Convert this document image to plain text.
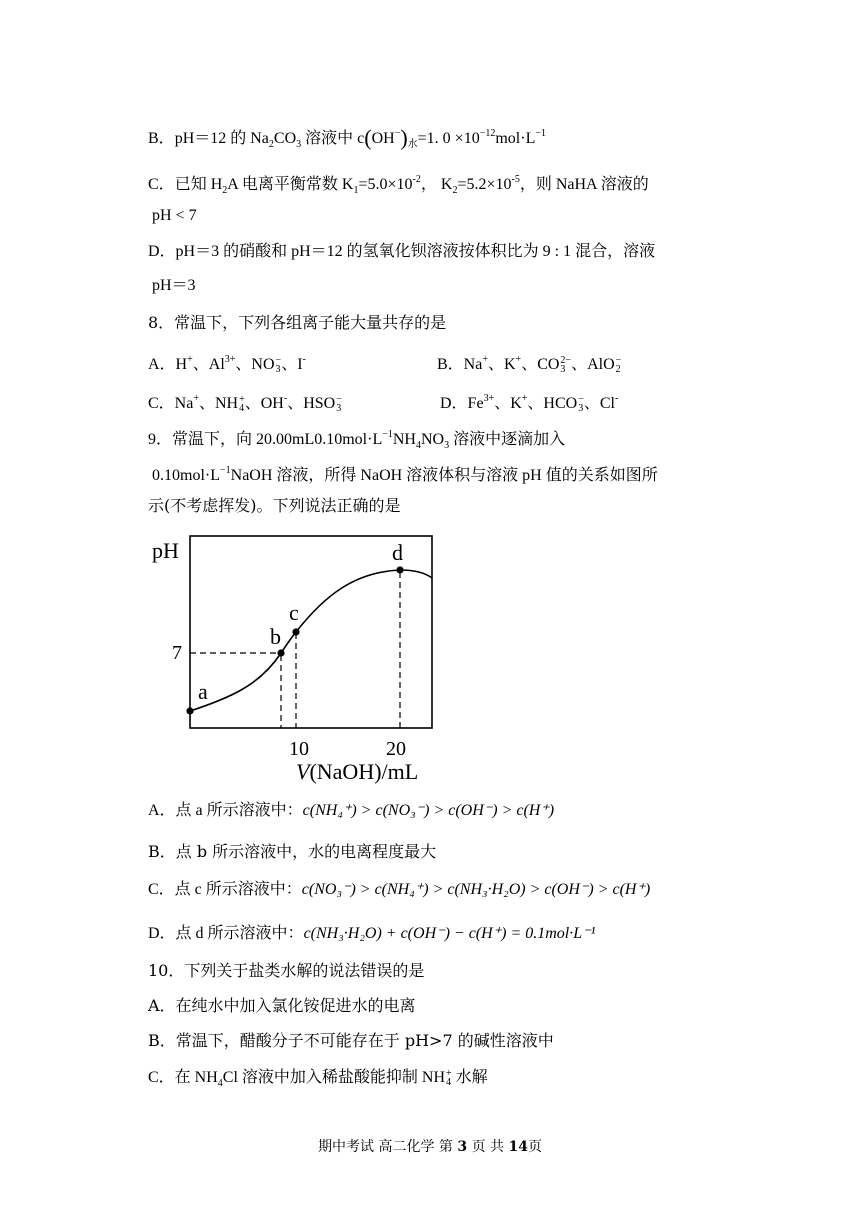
B．pH＝12 的 $Na_2CO_3$ 溶液中 $c(OH^-)_水=1$. $0 \times 10^{-12}mol\cdot L^{-1}$
C．已知 $H_2A$ 电离平衡常数 $K_1=5.0\times 10^{-2}$， $K_2=5.2\times 10^{-5}$，则 NaHA 溶液的
pH < 7
D．pH＝3 的硝酸和 pH＝12 的氢氧化钡溶液按体积比为 9 : 1 混合，溶液
pH＝3
8．常温下，下列各组离子能大量共存的是
A．H+、$Al^{3+}$、NO −
3 、I-	B．Na+、K+、CO 2−
3 、AlO −
2
C．Na+、NH +
4 、OH-、HSO −
3	D．$Fe^{3+}$、K+、HCO −
3 、Cl-
9．常温下，向 $20.00mL0.10mol\cdot L^{-1}NH_4NO_3$ 溶液中逐滴加入
$0.10mol\cdot L^{-1}NaOH$ 溶液，所得 NaOH 溶液体积与溶液 pH 值的关系如图所
示(不考虑挥发)。下列说法正确的是
pH
7
10	20
V(NaOH)/mL
a
b
c
d
A．点 a 所示溶液中：c(NH₄⁺) > c(NO₃⁻) > c(OH⁻) > c(H⁺)
B．点 b 所示溶液中，水的电离程度最大
C．点 c 所示溶液中：c(NO₃⁻) > c(NH₄⁺) > c(NH₃·H₂O) > c(OH⁻) > c(H⁺)
D．点 d 所示溶液中：c(NH₃·H₂O) + c(OH⁻) − c(H⁺) = 0.1mol·L⁻¹
10．下列关于盐类水解的说法错误的是
A．在纯水中加入氯化铵促进水的电离
B．常温下，醋酸分子不可能存在于 pH>7 的碱性溶液中
C．在 $NH_4Cl$ 溶液中加入稀盐酸能抑制 NH +
4 水解
期中考试 高二化学 第 3 页 共 14页
